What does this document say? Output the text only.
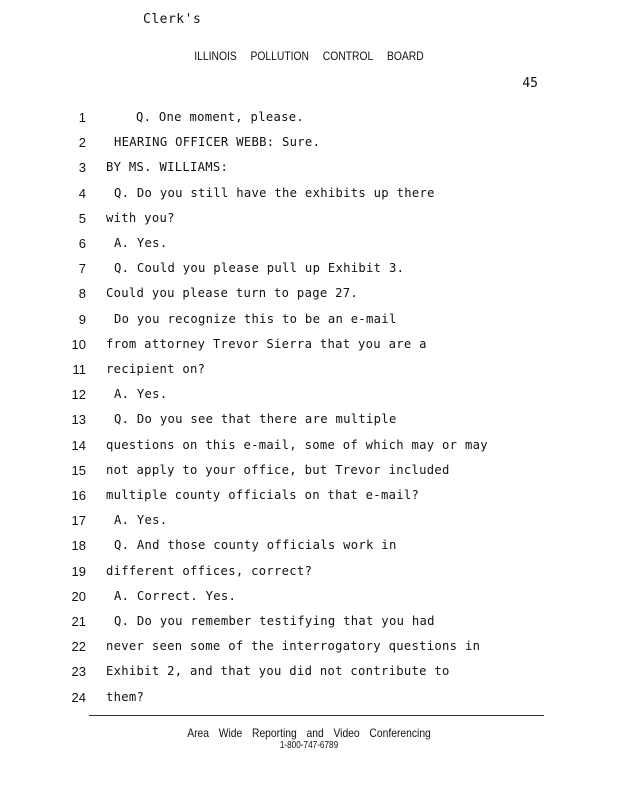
Clerk's
ILLINOIS POLLUTION CONTROL BOARD
45
1	Q. One moment, please.
2 HEARING OFFICER WEBB: Sure.
3 BY MS. WILLIAMS:
4 Q. Do you still have the exhibits up there
5 with you?
6 A. Yes.
7 Q. Could you please pull up Exhibit 3.
8 Could you please turn to page 27.
9 Do you recognize this to be an e-mail
10 from attorney Trevor Sierra that you are a
11 recipient on?
12 A. Yes.
13 Q. Do you see that there are multiple
14 questions on this e-mail, some of which may or may
15 not apply to your office, but Trevor included
16 multiple county officials on that e-mail?
17 A. Yes.
18 Q. And those county officials work in
19 different offices, correct?
20 A. Correct. Yes.
21 Q. Do you remember testifying that you had
22 never seen some of the interrogatory questions in
23 Exhibit 2, and that you did not contribute to
24 them?
Area Wide Reporting and Video Conferencing
1-800-747-6789
